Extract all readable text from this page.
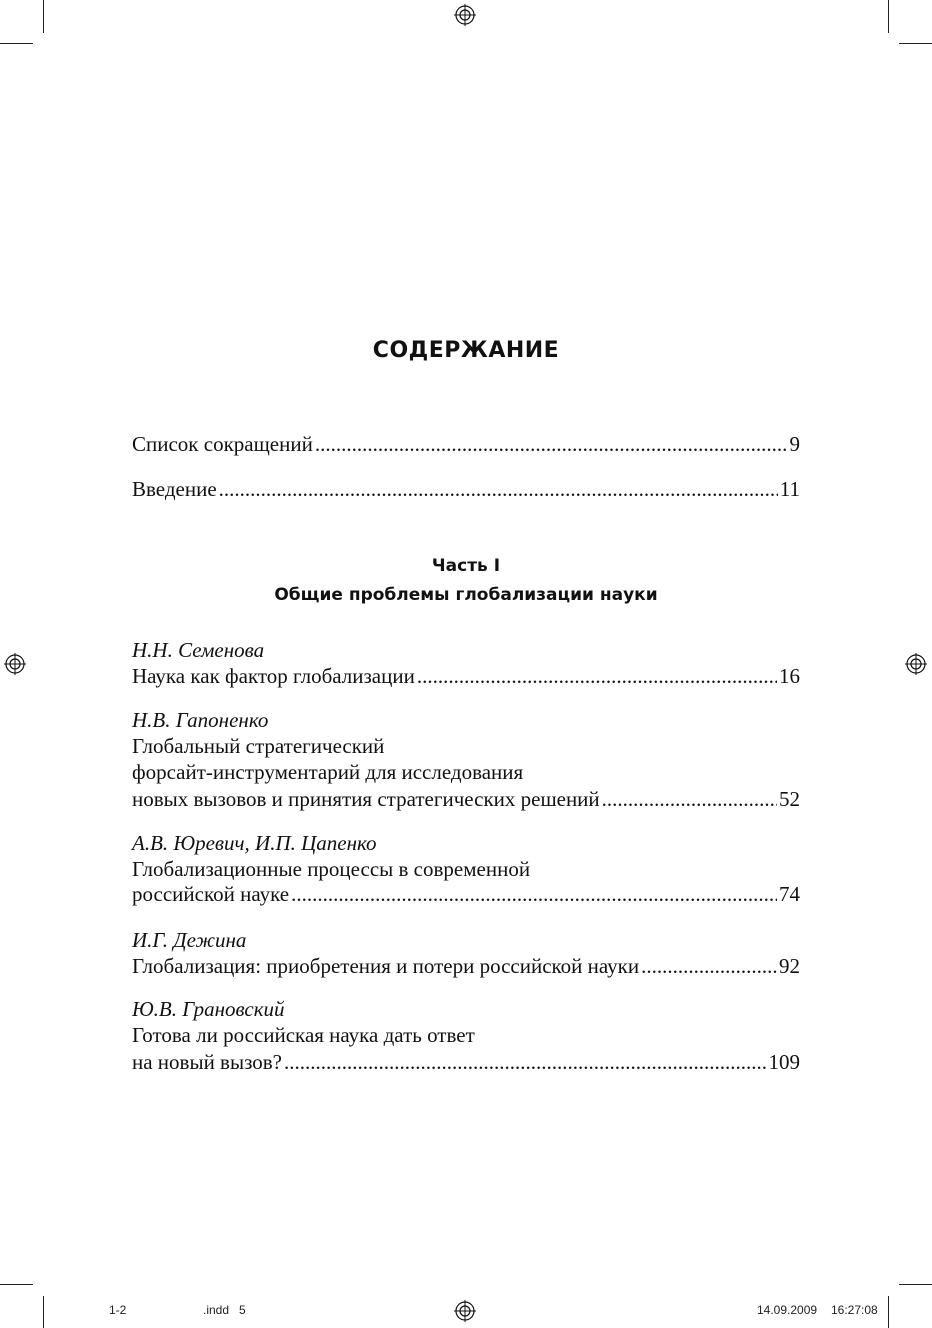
СОДЕРЖАНИЕ
Список сокращений .....	9
Введение .....	11
Часть I
Общие проблемы глобализации науки
Н.Н. Семенова
Наука как фактор глобализации .....	16
Н.В. Гапоненко
Глобальный стратегический
форсайт-инструментарий для исследования
новых вызовов и принятия стратегических решений .....	52
А.В. Юревич, И.П. Цапенко
Глобализационные процессы в современной
российской науке .....	74
И.Г. Дежина
Глобализация: приобретения и потери российской науки .....	92
Ю.В. Грановский
Готова ли российская наука дать ответ
на новый вызов? .....	109
1-2	.indd   5	14.09.2009 16:27:08
